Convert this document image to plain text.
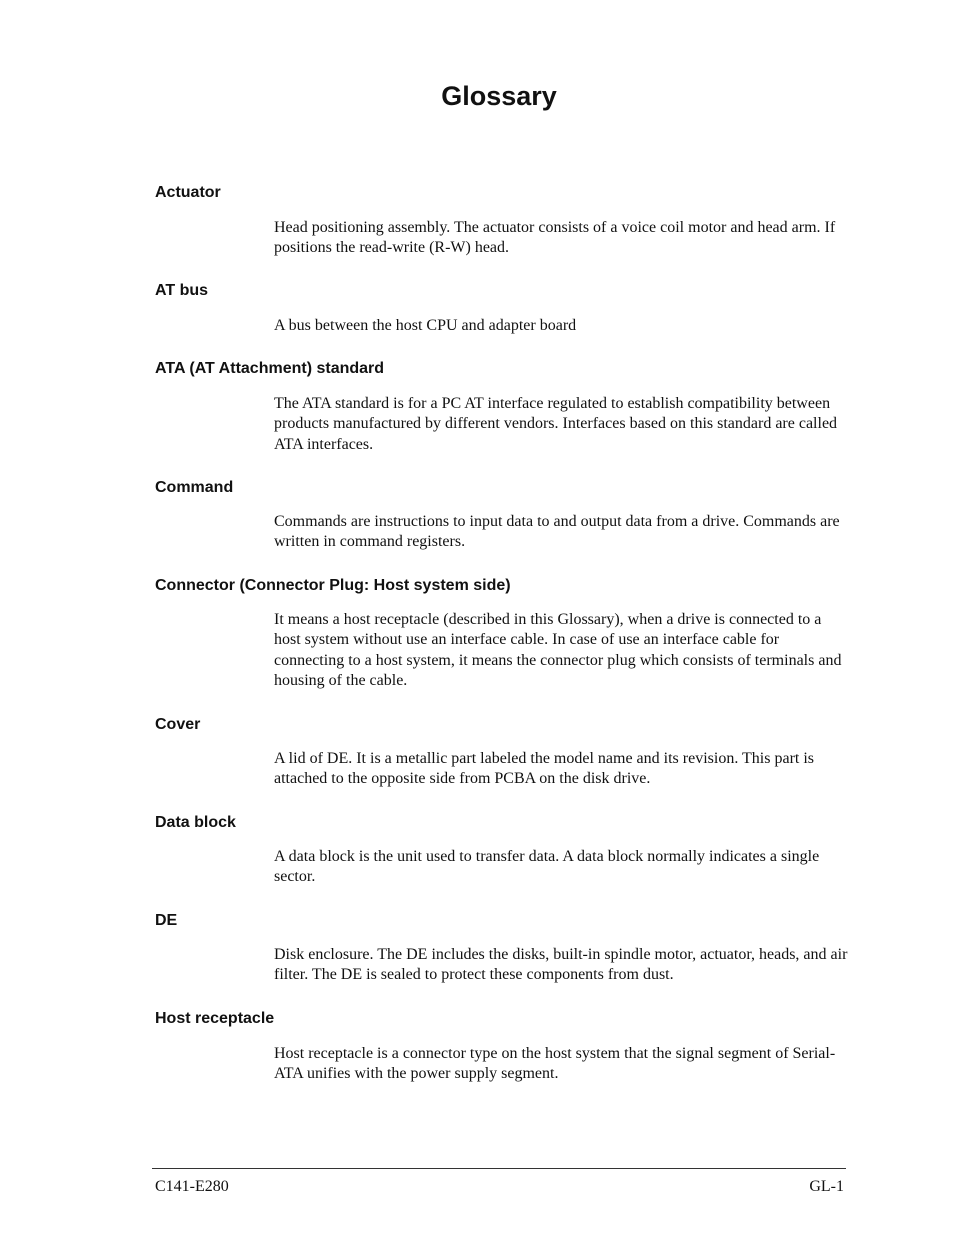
Glossary
Actuator
Head positioning assembly. The actuator consists of a voice coil motor and head arm. If positions the read-write (R-W) head.
AT bus
A bus between the host CPU and adapter board
ATA (AT Attachment) standard
The ATA standard is for a PC AT interface regulated to establish compatibility between products manufactured by different vendors. Interfaces based on this standard are called ATA interfaces.
Command
Commands are instructions to input data to and output data from a drive. Commands are written in command registers.
Connector (Connector Plug: Host system side)
It means a host receptacle (described in this Glossary), when a drive is connected to a host system without use an interface cable. In case of use an interface cable for connecting to a host system, it means the connector plug which consists of terminals and housing of the cable.
Cover
A lid of DE. It is a metallic part labeled the model name and its revision. This part is attached to the opposite side from PCBA on the disk drive.
Data block
A data block is the unit used to transfer data. A data block normally indicates a single sector.
DE
Disk enclosure. The DE includes the disks, built-in spindle motor, actuator, heads, and air filter. The DE is sealed to protect these components from dust.
Host receptacle
Host receptacle is a connector type on the host system that the signal segment of Serial-ATA unifies with the power supply segment.
C141-E280	GL-1
